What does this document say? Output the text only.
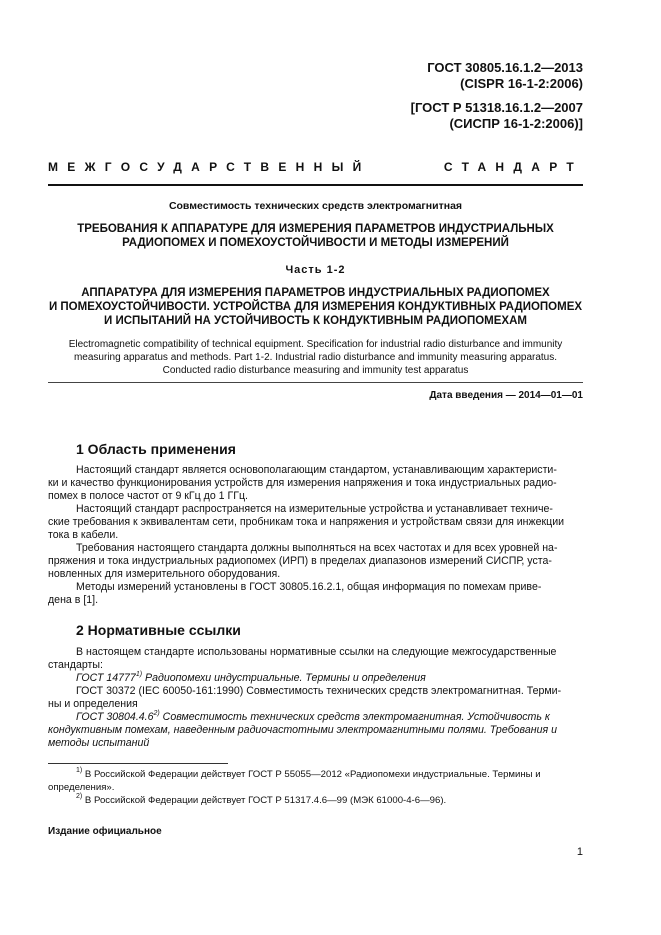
ГОСТ 30805.16.1.2—2013
(CISPR 16-1-2:2006)
[ГОСТ Р 51318.16.1.2—2007
(СИСПР 16-1-2:2006)]
МЕЖГОСУДАРСТВЕННЫЙ	СТАНДАРТ
Совместимость технических средств электромагнитная
ТРЕБОВАНИЯ К АППАРАТУРЕ ДЛЯ ИЗМЕРЕНИЯ ПАРАМЕТРОВ ИНДУСТРИАЛЬНЫХ
РАДИОПОМЕХ И ПОМЕХОУСТОЙЧИВОСТИ И МЕТОДЫ ИЗМЕРЕНИЙ
Часть 1-2
АППАРАТУРА ДЛЯ ИЗМЕРЕНИЯ ПАРАМЕТРОВ ИНДУСТРИАЛЬНЫХ РАДИОПОМЕХ
И ПОМЕХОУСТОЙЧИВОСТИ. УСТРОЙСТВА ДЛЯ ИЗМЕРЕНИЯ КОНДУКТИВНЫХ РАДИОПОМЕХ
И ИСПЫТАНИЙ НА УСТОЙЧИВОСТЬ К КОНДУКТИВНЫМ РАДИОПОМЕХАМ
Electromagnetic compatibility of technical equipment. Specification for industrial radio disturbance and immunity
measuring apparatus and methods. Part 1-2. Industrial radio disturbance and immunity measuring apparatus.
Conducted radio disturbance measuring and immunity test apparatus
Дата введения — 2014—01—01
1 Область применения
Настоящий стандарт является основополагающим стандартом, устанавливающим характеристи-
ки и качество функционирования устройств для измерения напряжения и тока индустриальных радио-
помех в полосе частот от 9 кГц до 1 ГГц.
Настоящий стандарт распространяется на измерительные устройства и устанавливает техниче-
ские требования к эквивалентам сети, пробникам тока и напряжения и устройствам связи для инжекции
тока в кабели.
Требования настоящего стандарта должны выполняться на всех частотах и для всех уровней на-
пряжения и тока индустриальных радиопомех (ИРП) в пределах диапазонов измерений СИСПР, уста-
новленных для измерительного оборудования.
Методы измерений установлены в ГОСТ 30805.16.2.1, общая информация по помехам приве-
дена в [1].
2 Нормативные ссылки
В настоящем стандарте использованы нормативные ссылки на следующие межгосударственные
стандарты:
ГОСТ 14777$^{1)}$ Радиопомехи индустриальные. Термины и определения
ГОСТ 30372 (IEC 60050-161:1990) Совместимость технических средств электромагнитная. Терми-
ны и определения
ГОСТ 30804.4.6$^{2)}$ Совместимость технических средств электромагнитная. Устойчивость к
кондуктивным помехам, наведенным радиочастотными электромагнитными полями. Требования и
методы испытаний
$^{1)}$ В Российской Федерации действует ГОСТ Р 55055—2012 «Радиопомехи индустриальные. Термины и
определения».
$^{2)}$ В Российской Федерации действует ГОСТ Р 51317.4.6—99 (МЭК 61000-4-6—96).
Издание официальное
1
